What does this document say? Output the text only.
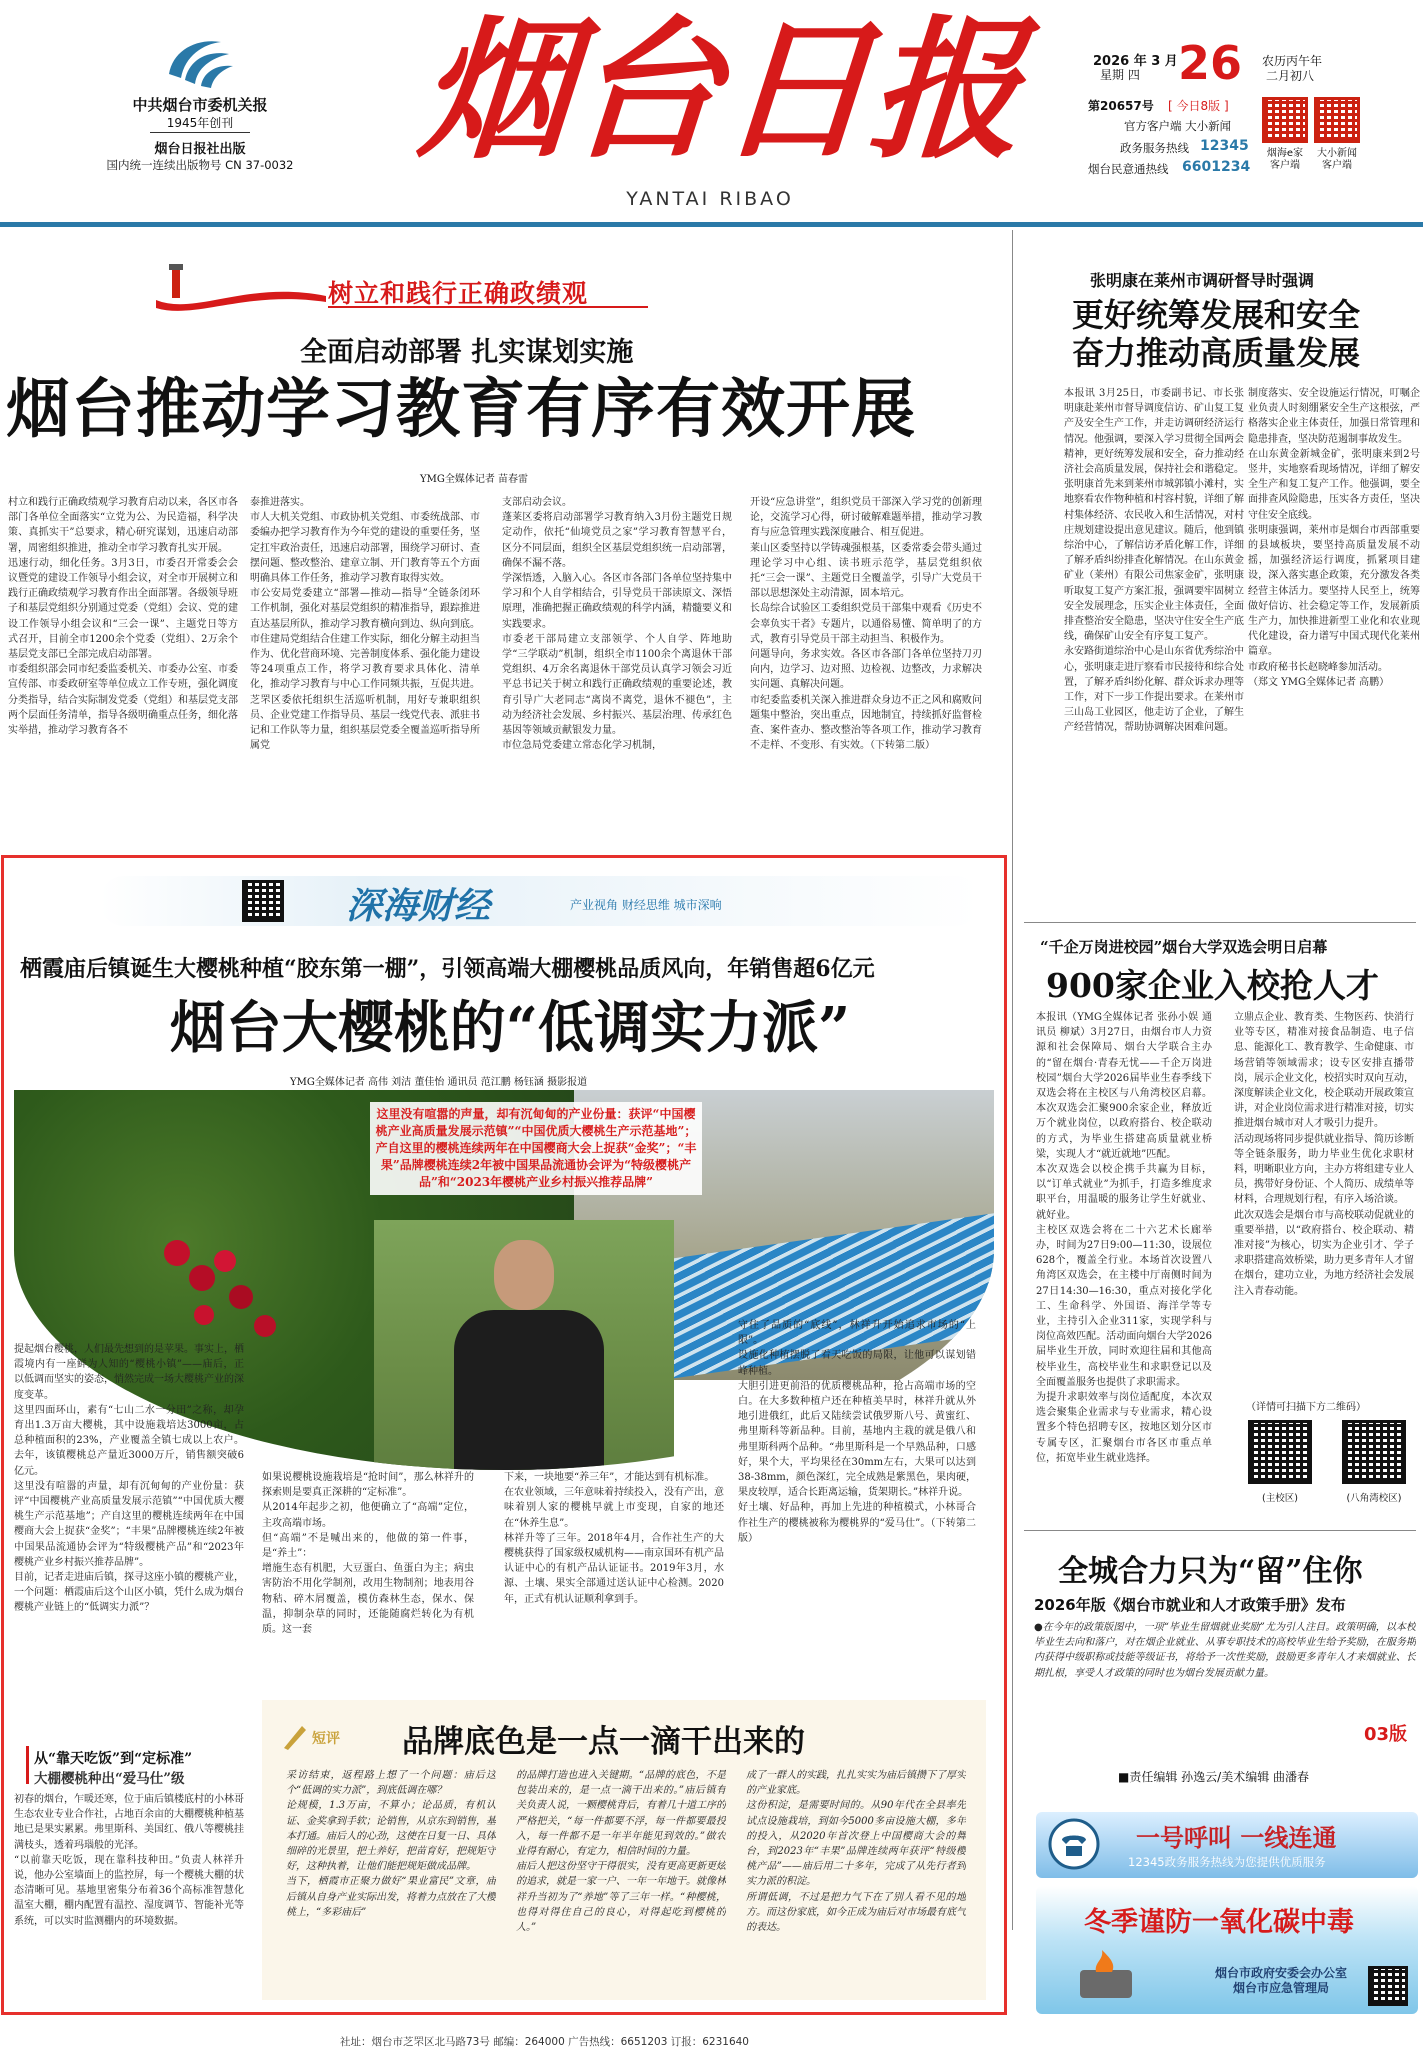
中共烟台市委机关报
1945年创刊
烟台日报社出版
国内统一连续出版物号 CN 37-0032 烟台日报
YANTAI RIBAO
2026 年 3 月
星期 四 26 农历丙午年
二月初八
第20657号 [ 今日8版 ]
官方客户端 大小新闻
政务服务热线 12345
烟台民意通热线 6601234
烟海e家
客户端
大小新闻
客户端
树立和践行正确政绩观
全面启动部署 扎实谋划实施
烟台推动学习教育有序有效开展
YMG全媒体记者 苗春雷
村立和践行正确政绩观学习教育启动以来，各区市各部门各单位全面落实“立党为公、为民造福，科学决策、真抓实干”总要求，精心研究谋划，迅速启动部署，周密组织推进，推动全市学习教育扎实开展。
迅速行动，细化任务。3月3日，市委召开常委会会议暨党的建设工作领导小组会议，对全市开展树立和践行正确政绩观学习教育作出全面部署。各级领导班子和基层党组织分别通过党委（党组）会议、党的建设工作领导小组会议和“三会一课”、主题党日等方式召开，目前全市1200余个党委（党组）、2万余个基层党支部已全部完成启动部署。
市委组织部会同市纪委监委机关、市委办公室、市委宣传部、市委政研室等单位成立工作专班，强化调度分类指导，结合实际制发党委（党组）和基层党支部两个层面任务清单，指导各级明确重点任务，细化落实举措，推动学习教育各不
泰推进落实。
市人大机关党组、市政协机关党组、市委统战部、市委编办把学习教育作为今年党的建设的重要任务，坚定扛牢政治责任，迅速启动部署，围绕学习研讨、查摆问题、整改整治、建章立制、开门教育等五个方面明确具体工作任务，推动学习教育取得实效。
市公安局党委建立“部署—推动—指导”全链条闭环工作机制，强化对基层党组织的精准指导，跟踪推进直达基层所队，推动学习教育横向到边、纵向到底。
市住建局党组结合住建工作实际，细化分解主动担当作为、优化营商环境、完善制度体系、强化能力建设等24项重点工作，将学习教育要求具体化、清单化，推动学习教育与中心工作同频共振，互促共进。
芝罘区委依托组织生活巡听机制，用好专兼职组织员、企业党建工作指导员、基层一线党代表、派驻书记和工作队等力量，组织基层党委全覆盖巡听指导所属党
支部启动会议。
蓬莱区委将启动部署学习教育纳入3月份主题党日规定动作，依托“仙境党员之家”学习教育智慧平台，区分不同层面，组织全区基层党组织统一启动部署，确保不漏不落。
学深悟透，入脑入心。各区市各部门各单位坚持集中学习和个人自学相结合，引导党员干部读原文、深悟原理，准确把握正确政绩观的科学内涵，精髓要义和实践要求。
市委老干部局建立支部领学、个人自学、阵地助学“三学联动”机制，组织全市1100余个离退休干部党组织、4万余名离退休干部党员认真学习领会习近平总书记关于树立和践行正确政绩观的重要论述，教育引导广大老同志“离岗不离党，退休不褪色”，主动为经济社会发展、乡村振兴、基层治理、传承红色基因等领域贡献银发力量。
市位急局党委建立常态化学习机制，
开设“应急讲堂”，组织党员干部深入学习党的创新理论，交流学习心得，研讨破解难题举措，推动学习教育与应急管理实践深度融合、相互促进。
莱山区委坚持以学铸魂强根基，区委常委会带头通过理论学习中心组、读书班示范学，基层党组织依托“三会一课”、主题党日全覆盖学，引导广大党员干部以思想深处主动清源，固本培元。
长岛综合试验区工委组织党员干部集中观看《历史不会辜负实干者》专题片，以通俗易懂、简单明了的方式，教育引导党员干部主动担当、积极作为。
问题导向，务求实效。各区市各部门各单位坚持刀刃向内，边学习、边对照、边检视、边整改，力求解决实问题、真解决问题。
市纪委监委机关深入推进群众身边不正之风和腐败问题集中整治，突出重点，因地制宜，持续抓好监督检查、案件查办、整改整治等各项工作，推动学习教育不走样、不变形、有实效。（下转第二版）
张明康在莱州市调研督导时强调
更好统筹发展和安全
奋力推动高质量发展
本报讯 3月25日，市委副书记、市长张明康赴莱州市督导调度信访、矿山复工复产及安全生产工作，并走访调研经济运行情况。他强调，要深入学习贯彻全国两会精神，更好统筹发展和安全，奋力推动经济社会高质量发展，保持社会和谐稳定。
张明康首先来到莱州市城郭镇小滩村，实地察看农作物种植和村容村貌，详细了解村集体经济、农民收入和生活情况，对村庄规划建设提出意见建议。随后，他到镇综治中心，了解信访矛盾化解工作，详细了解矛盾纠纷排查化解情况。在山东黄金矿业（莱州）有限公司焦家金矿，张明康听取复工复产方案汇报，强调要牢固树立安全发展理念，压实企业主体责任，全面排查整治安全隐患，坚决守住安全生产底线，确保矿山安全有序复工复产。
永安路街道综治中心是山东省优秀综治中心，张明康走进厅察看市民接待和综合处置，了解矛盾纠纷化解、群众诉求办理等工作，对下一步工作提出要求。在莱州市三山岛工业园区，他走访了企业，了解生产经营情况，帮助协调解决困难问题。
制度落实、安全设施运行情况，叮嘱企业负责人时刻绷紧安全生产这根弦，严格落实企业主体责任，加强日常管理和隐患排查，坚决防范遏制事故发生。
在山东黄金新城金矿，张明康来到2号竖井，实地察看现场情况，详细了解安全生产和复工复产工作。他强调，要全面排查风险隐患，压实各方责任，坚决守住安全底线。
张明康强调，莱州市是烟台市西部重要的县域板块，要坚持高质量发展不动摇，加强经济运行调度，抓紧项目建设，深入落实惠企政策，充分激发各类经营主体活力。要坚持人民至上，统筹做好信访、社会稳定等工作，发展新质生产力，加快推进新型工业化和农业现代化建设，奋力谱写中国式现代化莱州篇章。
市政府秘书长赵晓峰参加活动。
（郑文 YMG全媒体记者 高鹏）
深海财经	产业视角 财经思维 城市深响
栖霞庙后镇诞生大樱桃种植“胶东第一棚”，引领高端大棚樱桃品质风向，年销售超6亿元
烟台大樱桃的“低调实力派”
YMG全媒体记者 高伟 刘洁 董佳怡 通讯员 范江鹏 杨钰涵 摄影报道
这里没有喧嚣的声量，却有沉甸甸的产业份量：获评“中国樱桃产业高质量发展示范镇”“中国优质大樱桃生产示范基地”；产自这里的樱桃连续两年在中国樱商大会上捉获“金奖”；“丰果”品牌樱桃连续2年被中国果品流通协会评为“特级樱桃产品”和“2023年樱桃产业乡村振兴推荐品牌”
提起烟台樱桃，人们最先想到的是苹果。事实上，栖霞境内有一座鲜为人知的“樱桃小镇”——庙后，正以低调而坚实的姿态，悄然完成一场大樱桃产业的深度变革。
这里四面环山，素有“七山二水一分田”之称，却孕育出1.3万亩大樱桃，其中设施栽培达3000亩，占总种植面积的23%，产业覆盖全镇七成以上农户。去年，该镇樱桃总产量近3000万斤，销售额突破6亿元。
这里没有喧嚣的声量，却有沉甸甸的产业份量：获评“中国樱桃产业高质量发展示范镇”“中国优质大樱桃生产示范基地”；产自这里的樱桃连续两年在中国樱商大会上捉获“金奖”；“丰果”品牌樱桃连续2年被中国果品流通协会评为“特级樱桃产品”和“2023年樱桃产业乡村振兴推荐品牌”。
目前，记者走进庙后镇，探寻这座小镇的樱桃产业，一个问题：栖霞庙后这个山区小镇，凭什么成为烟台樱桃产业链上的“低调实力派”？
从“靠天吃饭”到“定标准”
大棚樱桃种出“爱马仕”级
初春的烟台，乍暖还寒，位于庙后镇楼底村的小林哥生态农业专业合作社，占地百余亩的大棚樱桃种植基地已是果实累累。弗里斯科、美国红、俄八等樱桃挂满枝头，透着玛瑙般的光泽。
“以前靠天吃饭，现在靠科技种田。”负责人林祥升说，他办公室墙面上的监控屏，每一个樱桃大棚的状态清晰可见。基地里密集分布着36个高标准智慧化温室大棚，棚内配置有温控、湿度调节、智能补光等系统，可以实时监测棚内的环境数据。
如果说樱桃设施栽培是“抢时间”，那么林祥升的探索则是要真正深耕的“定标准”。
从2014年起步之初，他便确立了“高端”定位，主攻高端市场。
但“高端”不是喊出来的，他做的第一件事，是“养土”：
增施生态有机肥，大豆蛋白、鱼蛋白为主；病虫害防治不用化学制剂，改用生物制剂；地表用谷物秸、碎木屑覆盖，模仿森林生态，保水、保温，抑制杂草的同时，还能随腐烂转化为有机质。这一套
下来，一块地要“养三年”，才能达到有机标准。
在农业领域，三年意味着持续投入，没有产出，意味着别人家的樱桃早就上市变现，自家的地还在“休养生息”。
林祥升等了三年。2018年4月，合作社生产的大樱桃获得了国家级权威机构——南京国环有机产品认证中心的有机产品认证证书。2019年3月，水源、土壤、果实全部通过送认证中心检测。2020年，正式有机认证顺利拿到手。
守住了品质的“底线”，林祥升开始追求市场的“上限”。
设施化种植摆脱了看天吃饭的局限，让他可以谋划错峰种植。
大胆引进更前沿的优质樱桃品种，抢占高端市场的空白。在大多数种植户还在种植美早时，林祥升就从外地引进俄红，此后又陆续尝试俄罗斯八号、黄蜜红、弗里斯科等新品种。目前，基地内主栽的就是俄八和弗里斯科两个品种。“弗里斯科是一个早熟品种，口感好，果个大，平均果径在30mm左右，大果可以达到38-38mm，颜色深红，完全成熟是紫黑色，果肉硬，果皮较厚，适合长距离运输，货架期长。”林祥升说。
好土壤、好品种，再加上先进的种植模式，小林哥合作社生产的樱桃被称为樱桃界的“爱马仕”。（下转第二版）
短评 品牌底色是一点一滴干出来的
采访结束，返程路上想了一个问题：庙后这个“低调的实力派”，到底低调在哪？
论规模，1.3万亩，不算小；论品质，有机认证、金奖拿到手软；论销售，从京东到销售，基本打通。庙后人的心劲，这使在日复一日、具体细碎的光景里，把土养好，把苗育好，把规矩守好，这种执着，让他们能把规矩做成品牌。
当下，栖霞市正聚力做好“果业富民”文章，庙后镇从自身产业实际出发，将着力点放在了大樱桃上，“多彩庙后”
的品牌打造也进入关键期。“品牌的底色，不是包装出来的，是一点一滴干出来的。”庙后镇有关负责人说，一颗樱桃背后，有着几十道工序的严格把关，“每一件都要不浮，每一件都要最投入，每一件都不是一年半年能见到效的。”做农业得有耐心，有定力，相信时间的力量。
庙后人把这份坚守干得很实，没有更高更新更炫的追求，就是一家一户、一年一年地干。就像林祥升当初为了“养地”等了三年一样。“种樱桃，也得对得住自己的良心，对得起吃到樱桃的人。”
成了一群人的实践，扎扎实实为庙后镇攒下了厚实的产业家底。
这份积淀，是需要时间的。从90年代在全县率先试点设施栽培，到如今5000多亩设施大棚，多年的投入，从2020年首次登上中国樱商大会的舞台，到2023年“丰果”品牌连续两年获评“特级樱桃产品”——庙后用二十多年，完成了从先行者到实力派的积淀。
所谓低调，不过是把力气下在了别人看不见的地方。而这份家底，如今正成为庙后对市场最有底气的表达。
“千企万岗进校园”烟台大学双选会明日启幕
900家企业入校抢人才
本报讯（YMG全媒体记者 张孙小娱 通讯员 柳斌）3月27日，由烟台市人力资源和社会保障局、烟台大学联合主办的“留在烟台·青春无忧——千企万岗进校园”烟台大学2026届毕业生春季线下双选会将在主校区与八角湾校区启幕。本次双选会汇聚900余家企业，释放近万个就业岗位，以政府搭台、校企联动的方式，为毕业生搭建高质量就业桥梁，实现人才“就近就地”匹配。
本次双选会以校企携手共赢为目标，以“订单式就业”为抓手，打造多维度求职平台，用温暖的服务让学生好就业、就好业。
主校区双选会将在二十六艺术长廊举办，时间为27日9:00—11:30，设展位628个，覆盖全行业。本场首次设置八角湾区双选会，在主楼中厅南侧时间为27日14:30—16:30，重点对接化学化工、生命科学、外国语、海洋学等专业，主持引入企业311家，实现学科与岗位高效匹配。活动面向烟台大学2026届毕业生开放，同时欢迎往届和其他高校毕业生，高校毕业生和求职登记以及全面覆盖服务也提供了求职需求。
为提升求职效率与岗位适配度，本次双选会聚集企业需求与专业需求，精心设置多个特色招聘专区，按地区划分区市专属专区，汇聚烟台市各区市重点单位，拓宽毕业生就业选择。
立鼎点企业、教育类、生物医药、快消行业等专区，精准对接食品制造、电子信息、能源化工、教育教学、生命健康、市场营销等领域需求；设专区安排直播带岗，展示企业文化，校招实时双向互动，深度解读企业文化，校企联动开展政策宣讲，对企业岗位需求进行精准对接，切实推进烟台城市对人才吸引力提升。
活动现场将同步提供就业指导、简历诊断等全链条服务，助力毕业生优化求职材料，明晰职业方向，主办方将组建专业人员，携带好身份证、个人简历、成绩单等材料，合理规划行程，有序入场洽谈。
此次双选会是烟台市与高校联动促就业的重要举措，以“政府搭台、校企联动、精准对接”为核心，切实为企业引才、学子求职搭建高效桥梁，助力更多青年人才留在烟台，建功立业，为地方经济社会发展注入青春动能。
（详情可扫描下方二维码）
(主校区)	(八角湾校区)
全城合力只为“留”住你
2026年版《烟台市就业和人才政策手册》发布
●在今年的政策版图中，一项“毕业生留烟就业奖励”尤为引人注目。政策明确，以本校毕业生去向和落户，对在烟企业就业、从事专职技术的高校毕业生给予奖励，在服务期内获得中级职称或技能等级证书，将给予一次性奖励，鼓励更多青年人才来烟就业、长期扎根，享受人才政策的同时也为烟台发展贡献力量。
03版
■责任编辑 孙逸云/美术编辑 曲潘春
一号呼叫 一线连通
12345政务服务热线为您提供优质服务
冬季谨防一氧化碳中毒
烟台市政府安委会办公室
烟台市应急管理局
社址：烟台市芝罘区北马路73号 邮编：264000 广告热线：6651203 订报：6231640
